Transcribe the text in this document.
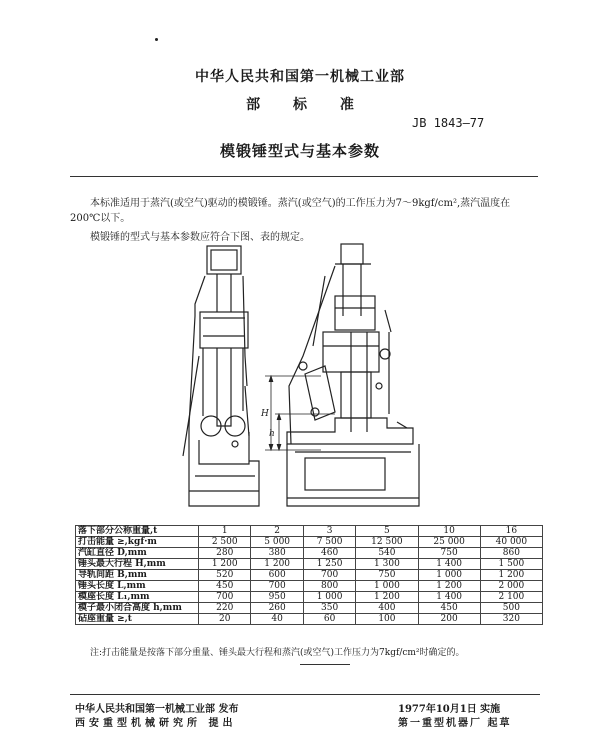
中华人民共和国第一机械工业部
部 标 准
JB 1843—77
模锻锤型式与基本参数
本标准适用于蒸汽(或空气)驱动的模锻锤。蒸汽(或空气)的工作压力为7～9kgf/cm²,蒸汽温度在200℃以下。
模锻锤的型式与基本参数应符合下图、表的规定。
H
h
落下部分公称重量,t	1	2	3	5	10	16
打击能量 ≥,kgf·m	2 500	5 000	7 500	12 500	25 000	40 000
汽缸直径 D,mm	280	380	460	540	750	860
锤头最大行程 H,mm	1 200	1 200	1 250	1 300	1 400	1 500
导轨间距 B,mm	520	600	700	750	1 000	1 200
锤头长度 L,mm	450	700	800	1 000	1 200	2 000
模座长度 L₁,mm	700	950	1 000	1 200	1 400	2 100
模子最小闭合高度 h,mm	220	260	350	400	450	500
砧座重量 ≥,t	20	40	60	100	200	320
注:打击能量是按落下部分重量、锤头最大行程和蒸汽(或空气)工作压力为7kgf/cm²时确定的。
中华人民共和国第一机械工业部 发布
西安重型机械研究所 提出
1977年10月1日 实施
第一重型机器厂 起草
